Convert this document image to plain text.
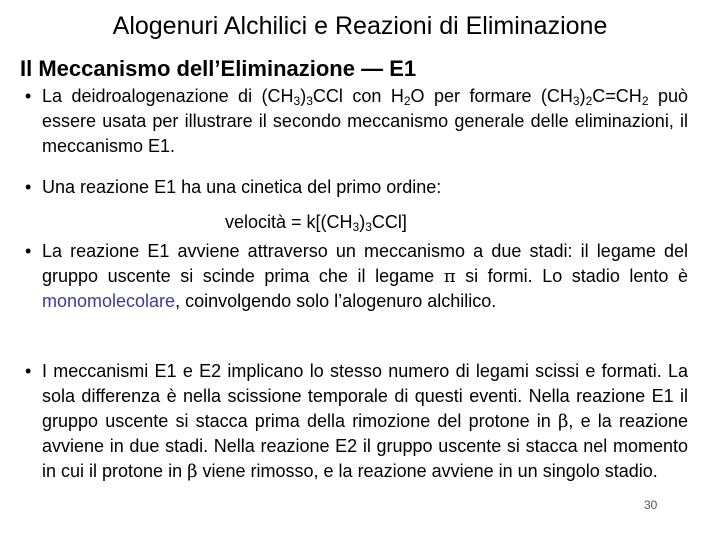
Alogenuri Alchilici e Reazioni di Eliminazione
Il Meccanismo dell’Eliminazione — E1
• La deidroalogenazione di $(CH_3)_3CCl$ con $H_2O$ per formare $(CH_3)_2C=CH_2$ può essere usata per illustrare il secondo meccanismo generale delle eliminazioni, il meccanismo E1.
• Una reazione E1 ha una cinetica del primo ordine:
velocità = $k[(CH_3)_3CCl]$
• La reazione E1 avviene attraverso un meccanismo a due stadi: il legame del gruppo uscente si scinde prima che il legame π si formi. Lo stadio lento è monomolecolare, coinvolgendo solo l’alogenuro alchilico.
• I meccanismi E1 e E2 implicano lo stesso numero di legami scissi e formati. La sola differenza è nella scissione temporale di questi eventi. Nella reazione E1 il gruppo uscente si stacca prima della rimozione del protone in β, e la reazione avviene in due stadi. Nella reazione E2 il gruppo uscente si stacca nel momento in cui il protone in β viene rimosso, e la reazione avviene in un singolo stadio.
30
